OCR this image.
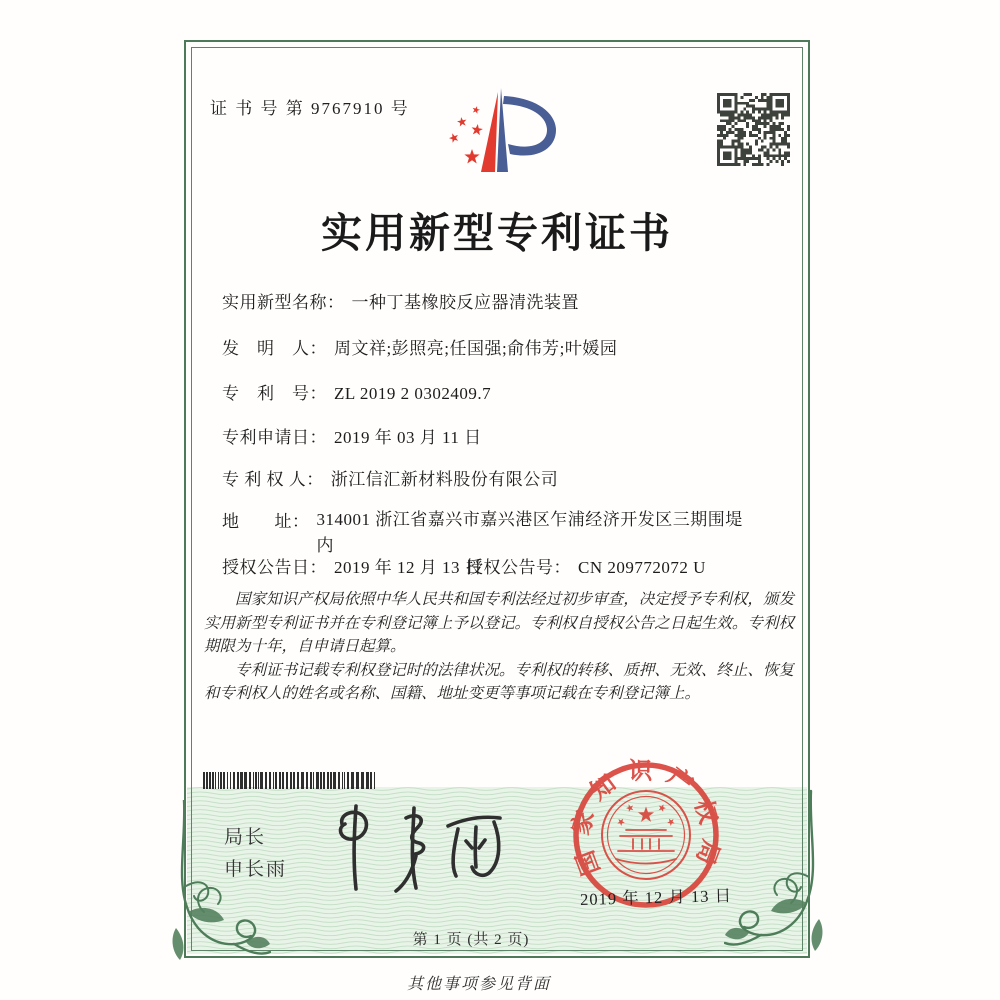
证 书 号 第 9767910 号
实用新型专利证书
实用新型名称： 一种丁基橡胶反应器清洗装置
发　明　人： 周文祥;彭照亮;任国强;俞伟芳;叶媛园
专　利　号： ZL 2019 2 0302409.7
专利申请日： 2019 年 03 月 11 日
专 利 权 人： 浙江信汇新材料股份有限公司
地　　址： 314001 浙江省嘉兴市嘉兴港区乍浦经济开发区三期围堤内
授权公告日： 2019 年 12 月 13 日
授权公告号： CN 209772072 U

国家知识产权局依照中华人民共和国专利法经过初步审查，决定授予专利权，颁发实用新型专利证书并在专利登记簿上予以登记。专利权自授权公告之日起生效。专利权期限为十年，自申请日起算。

专利证书记载专利权登记时的法律状况。专利权的转移、质押、无效、终止、恢复和专利权人的姓名或名称、国籍、地址变更等事项记载在专利登记簿上。

局长
申长雨	国家知识产权局
2019 年 12 月 13 日
第 1 页 (共 2 页)
其他事项参见背面
